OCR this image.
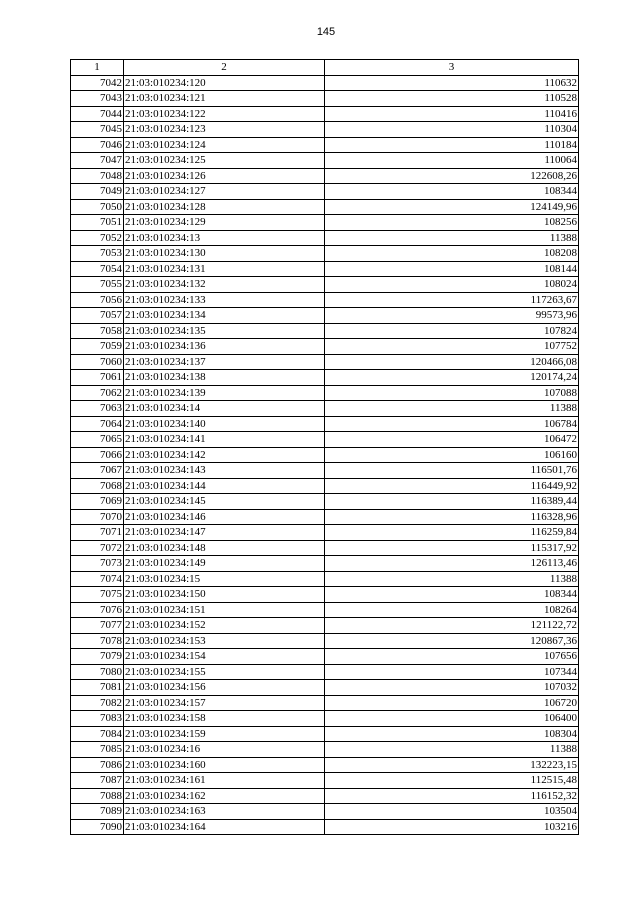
145
1	2	3
7042	21:03:010234:120	110632
7043	21:03:010234:121	110528
7044	21:03:010234:122	110416
7045	21:03:010234:123	110304
7046	21:03:010234:124	110184
7047	21:03:010234:125	110064
7048	21:03:010234:126	122608,26
7049	21:03:010234:127	108344
7050	21:03:010234:128	124149,96
7051	21:03:010234:129	108256
7052	21:03:010234:13	11388
7053	21:03:010234:130	108208
7054	21:03:010234:131	108144
7055	21:03:010234:132	108024
7056	21:03:010234:133	117263,67
7057	21:03:010234:134	99573,96
7058	21:03:010234:135	107824
7059	21:03:010234:136	107752
7060	21:03:010234:137	120466,08
7061	21:03:010234:138	120174,24
7062	21:03:010234:139	107088
7063	21:03:010234:14	11388
7064	21:03:010234:140	106784
7065	21:03:010234:141	106472
7066	21:03:010234:142	106160
7067	21:03:010234:143	116501,76
7068	21:03:010234:144	116449,92
7069	21:03:010234:145	116389,44
7070	21:03:010234:146	116328,96
7071	21:03:010234:147	116259,84
7072	21:03:010234:148	115317,92
7073	21:03:010234:149	126113,46
7074	21:03:010234:15	11388
7075	21:03:010234:150	108344
7076	21:03:010234:151	108264
7077	21:03:010234:152	121122,72
7078	21:03:010234:153	120867,36
7079	21:03:010234:154	107656
7080	21:03:010234:155	107344
7081	21:03:010234:156	107032
7082	21:03:010234:157	106720
7083	21:03:010234:158	106400
7084	21:03:010234:159	108304
7085	21:03:010234:16	11388
7086	21:03:010234:160	132223,15
7087	21:03:010234:161	112515,48
7088	21:03:010234:162	116152,32
7089	21:03:010234:163	103504
7090	21:03:010234:164	103216
